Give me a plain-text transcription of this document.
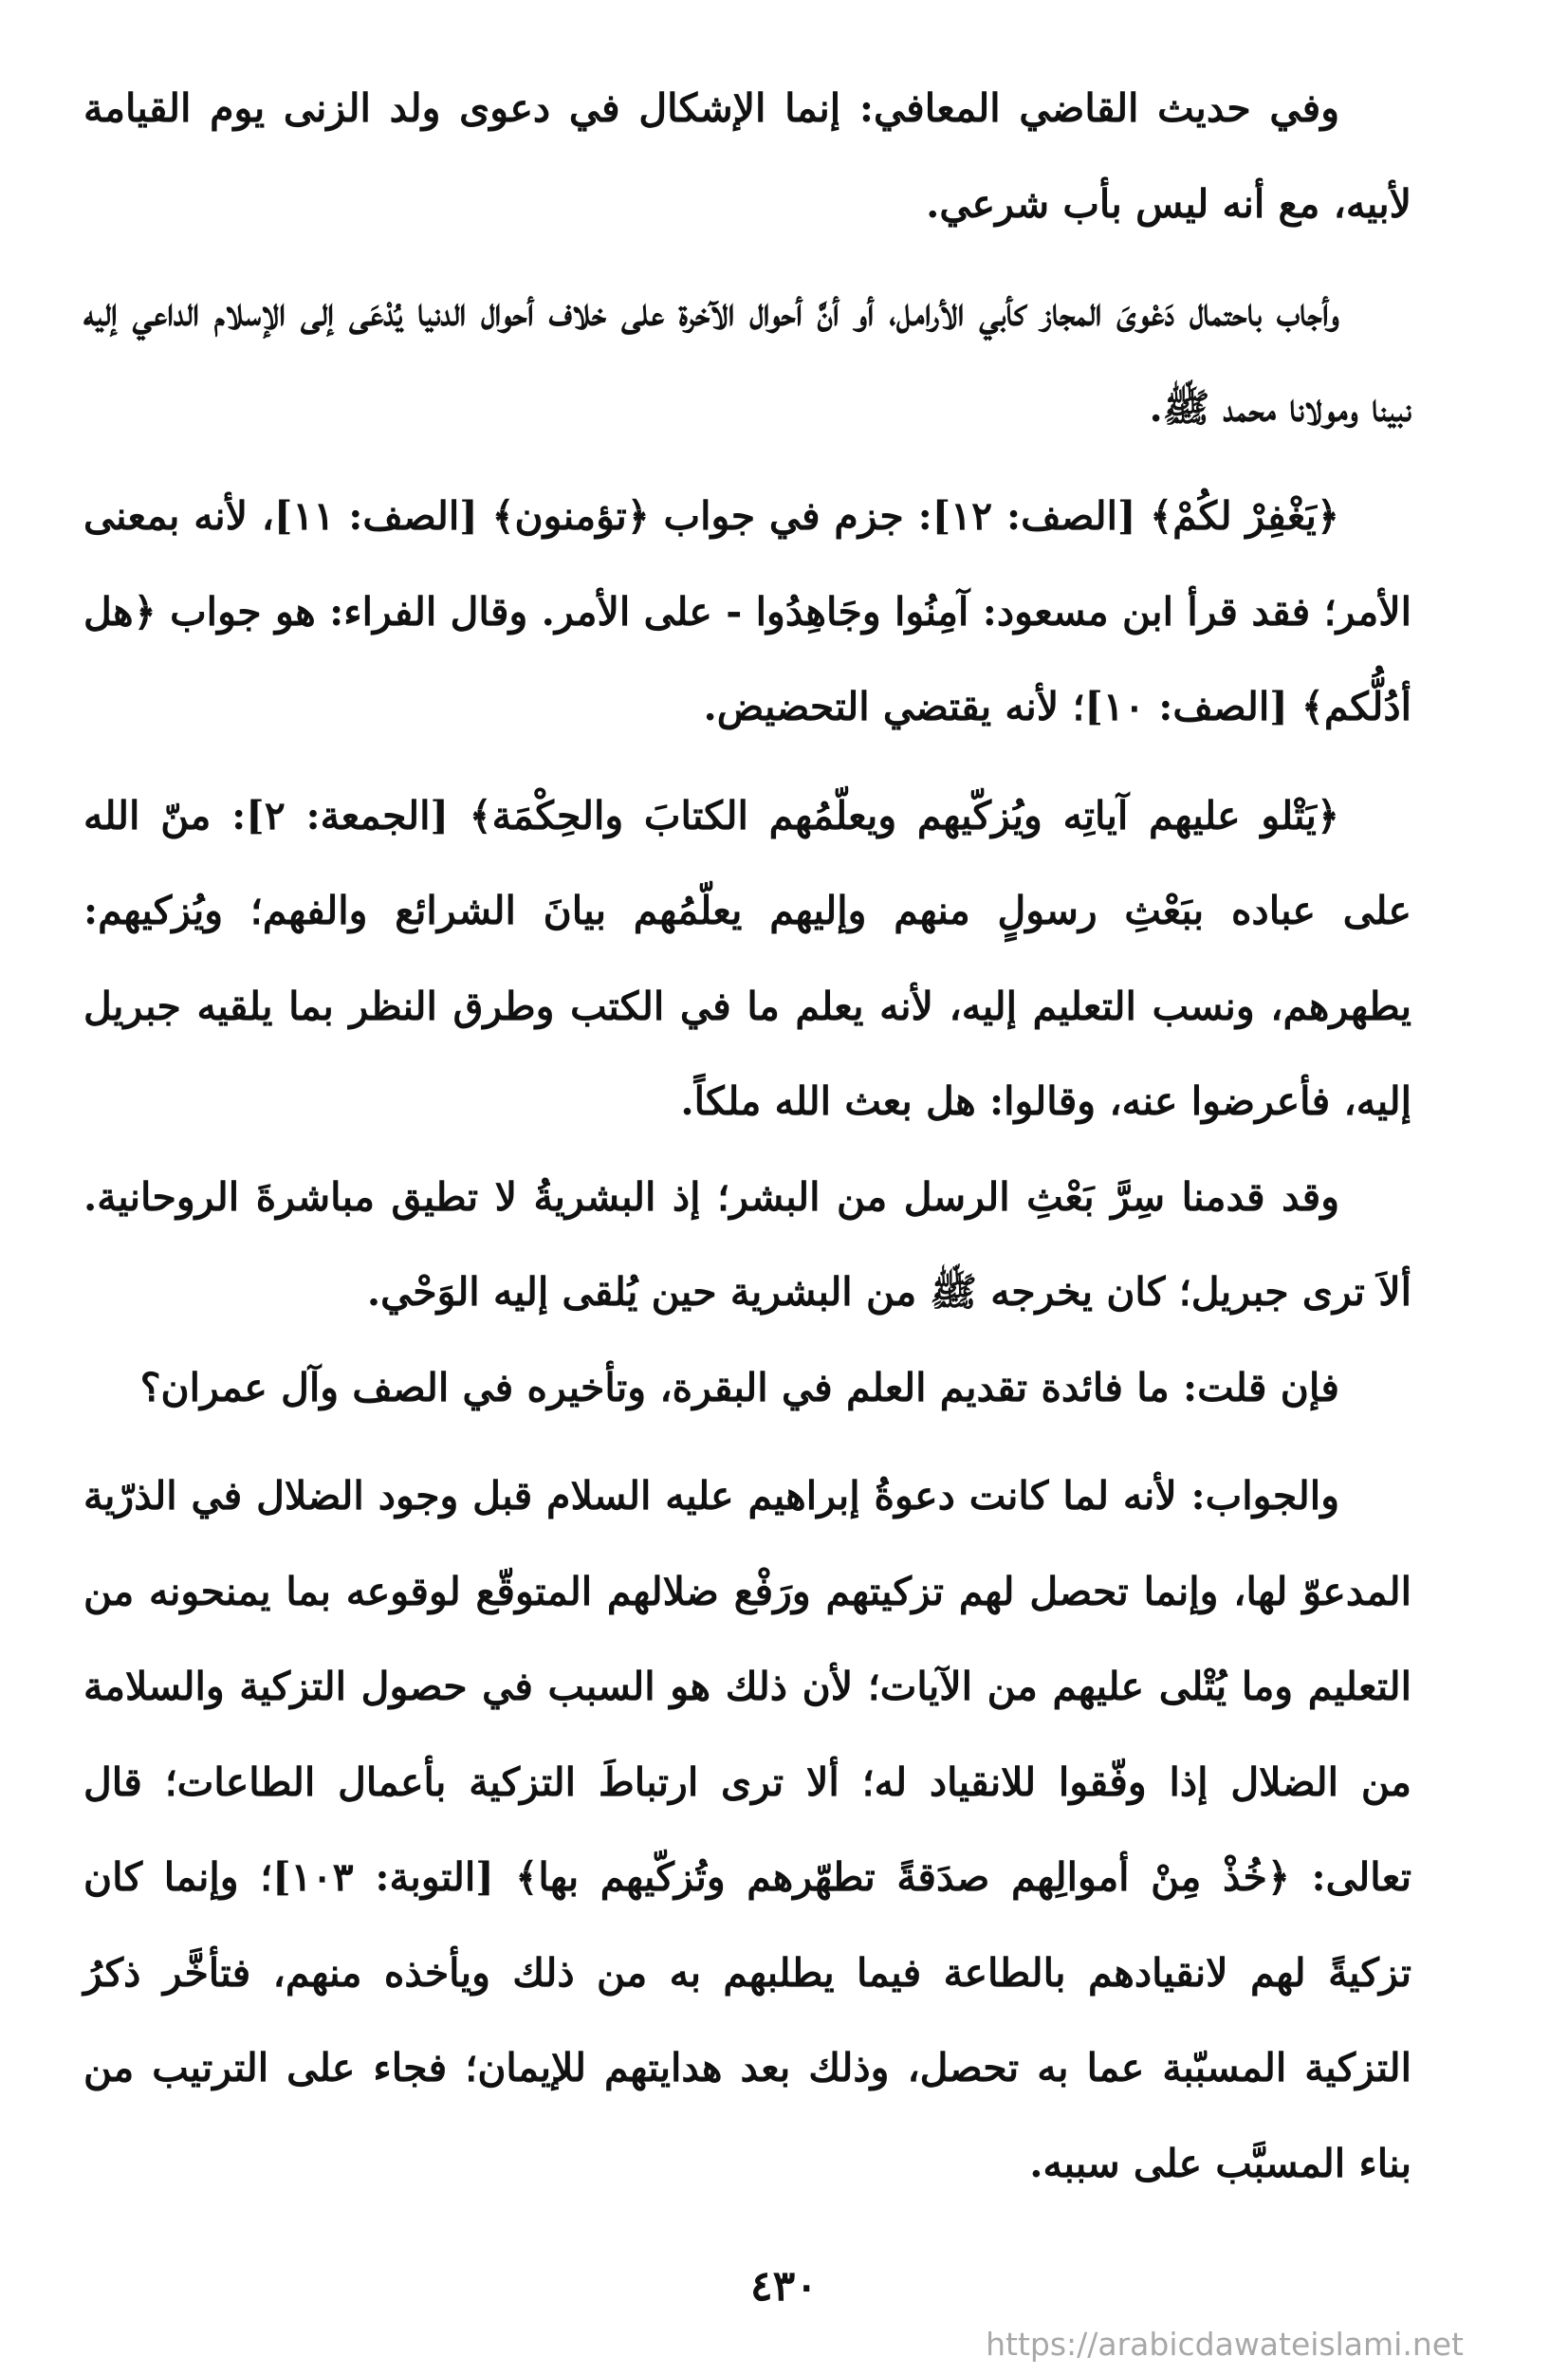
وفي حديث القاضي المعافي: إنما الإشكال في دعوى ولد الزنى يوم القيامة لأبيه، مع أنه ليس بأب شرعي.

وأجاب باحتمال دَعْوىَ المجاز كأبي الأرامل، أو أنَّ أحوال الآخرة على خلاف أحوال الدنيا يُدْعَى إلى الإسلام الداعي إليه نبينا ومولانا محمد ﷺ.

﴿يَغْفِرْ لكُمْ﴾ [الصف: ١٢]: جزم في جواب ﴿تؤمنون﴾ [الصف: ١١]، لأنه بمعنى الأمر؛ فقد قرأ ابن مسعود: آمِنُوا وجَاهِدُوا - على الأمر. وقال الفراء: هو جواب ﴿هل أدُلُّكم﴾ [الصف: ١٠]؛ لأنه يقتضي التحضيض.

﴿يَتْلو عليهم آياتِه ويُزكّيهم ويعلّمُهم الكتابَ والحِكْمَة﴾ [الجمعة: ٢]: منّ الله على عباده ببَعْثِ رسولٍ منهم وإليهم يعلّمُهم بيانَ الشرائع والفهم؛ ويُزكيهم: يطهرهم، ونسب التعليم إليه، لأنه يعلم ما في الكتب وطرق النظر بما يلقيه جبريل إليه، فأعرضوا عنه، وقالوا: هل بعث الله ملكاً.

وقد قدمنا سِرَّ بَعْثِ الرسل من البشر؛ إذ البشريةُ لا تطيق مباشرةَ الروحانية. ألاَ ترى جبريل؛ كان يخرجه ﷺ من البشرية حين يُلقى إليه الوَحْي.

فإن قلت: ما فائدة تقديم العلم في البقرة، وتأخيره في الصف وآل عمران؟

والجواب: لأنه لما كانت دعوةُ إبراهيم عليه السلام قبل وجود الضلال في الذرّية المدعوّ لها، وإنما تحصل لهم تزكيتهم ورَفْع ضلالهم المتوقّع لوقوعه بما يمنحونه من التعليم وما يُتْلى عليهم من الآيات؛ لأن ذلك هو السبب في حصول التزكية والسلامة من الضلال إذا وفّقوا للانقياد له؛ ألا ترى ارتباطَ التزكية بأعمال الطاعات؛ قال تعالى: ﴿خُذْ مِنْ أموالِهم صدَقةً تطهّرهم وتُزكّيهم بها﴾ [التوبة: ١٠٣]؛ وإنما كان تزكيةً لهم لانقيادهم بالطاعة فيما يطلبهم به من ذلك ويأخذه منهم، فتأخَّر ذكرُ التزكية المسبّبة عما به تحصل، وذلك بعد هدايتهم للإيمان؛ فجاء على الترتيب من بناء المسبَّب على سببه.

٤٣٠
https://arabicdawateislami.net
